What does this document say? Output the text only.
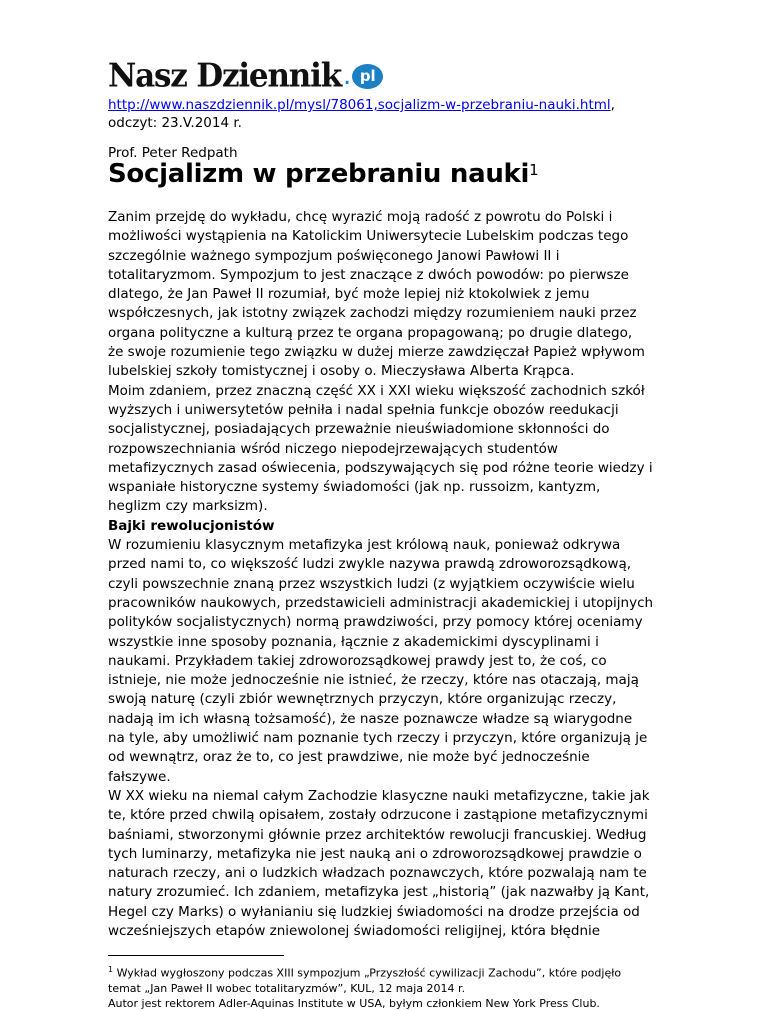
Nasz Dziennik . pl
http://www.naszdziennik.pl/mysl/78061,socjalizm-w-przebraniu-nauki.html,
odczyt: 23.V.2014 r.
Prof. Peter Redpath
Socjalizm w przebraniu nauki$^1$
Zanim przejdę do wykładu, chcę wyrazić moją radość z powrotu do Polski i
możliwości wystąpienia na Katolickim Uniwersytecie Lubelskim podczas tego
szczególnie ważnego sympozjum poświęconego Janowi Pawłowi II i
totalitaryzmom. Sympozjum to jest znaczące z dwóch powodów: po pierwsze
dlatego, że Jan Paweł II rozumiał, być może lepiej niż ktokolwiek z jemu
współczesnych, jak istotny związek zachodzi między rozumieniem nauki przez
organa polityczne a kulturą przez te organa propagowaną; po drugie dlatego,
że swoje rozumienie tego związku w dużej mierze zawdzięczał Papież wpływom
lubelskiej szkoły tomistycznej i osoby o. Mieczysława Alberta Krąpca.
Moim zdaniem, przez znaczną część XX i XXI wieku większość zachodnich szkół
wyższych i uniwersytetów pełniła i nadal spełnia funkcje obozów reedukacji
socjalistycznej, posiadających przeważnie nieuświadomione skłonności do
rozpowszechniania wśród niczego niepodejrzewających studentów
metafizycznych zasad oświecenia, podszywających się pod różne teorie wiedzy i
wspaniałe historyczne systemy świadomości (jak np. russoizm, kantyzm,
heglizm czy marksizm).
Bajki rewolucjonistów
W rozumieniu klasycznym metafizyka jest królową nauk, ponieważ odkrywa
przed nami to, co większość ludzi zwykle nazywa prawdą zdroworozsądkową,
czyli powszechnie znaną przez wszystkich ludzi (z wyjątkiem oczywiście wielu
pracowników naukowych, przedstawicieli administracji akademickiej i utopijnych
polityków socjalistycznych) normą prawdziwości, przy pomocy której oceniamy
wszystkie inne sposoby poznania, łącznie z akademickimi dyscyplinami i
naukami. Przykładem takiej zdroworozsądkowej prawdy jest to, że coś, co
istnieje, nie może jednocześnie nie istnieć, że rzeczy, które nas otaczają, mają
swoją naturę (czyli zbiór wewnętrznych przyczyn, które organizując rzeczy,
nadają im ich własną tożsamość), że nasze poznawcze władze są wiarygodne
na tyle, aby umożliwić nam poznanie tych rzeczy i przyczyn, które organizują je
od wewnątrz, oraz że to, co jest prawdziwe, nie może być jednocześnie
fałszywe.
W XX wieku na niemal całym Zachodzie klasyczne nauki metafizyczne, takie jak
te, które przed chwilą opisałem, zostały odrzucone i zastąpione metafizycznymi
baśniami, stworzonymi głównie przez architektów rewolucji francuskiej. Według
tych luminarzy, metafizyka nie jest nauką ani o zdroworozsądkowej prawdzie o
naturach rzeczy, ani o ludzkich władzach poznawczych, które pozwalają nam te
natury zrozumieć. Ich zdaniem, metafizyka jest „historią” (jak nazwałby ją Kant,
Hegel czy Marks) o wyłanianiu się ludzkiej świadomości na drodze przejścia od
wcześniejszych etapów zniewolonej świadomości religijnej, która błędnie
$^1$ Wykład wygłoszony podczas XIII sympozjum „Przyszłość cywilizacji Zachodu”, które podjęło
temat „Jan Paweł II wobec totalitaryzmów”, KUL, 12 maja 2014 r.
Autor jest rektorem Adler-Aquinas Institute w USA, byłym członkiem New York Press Club.
